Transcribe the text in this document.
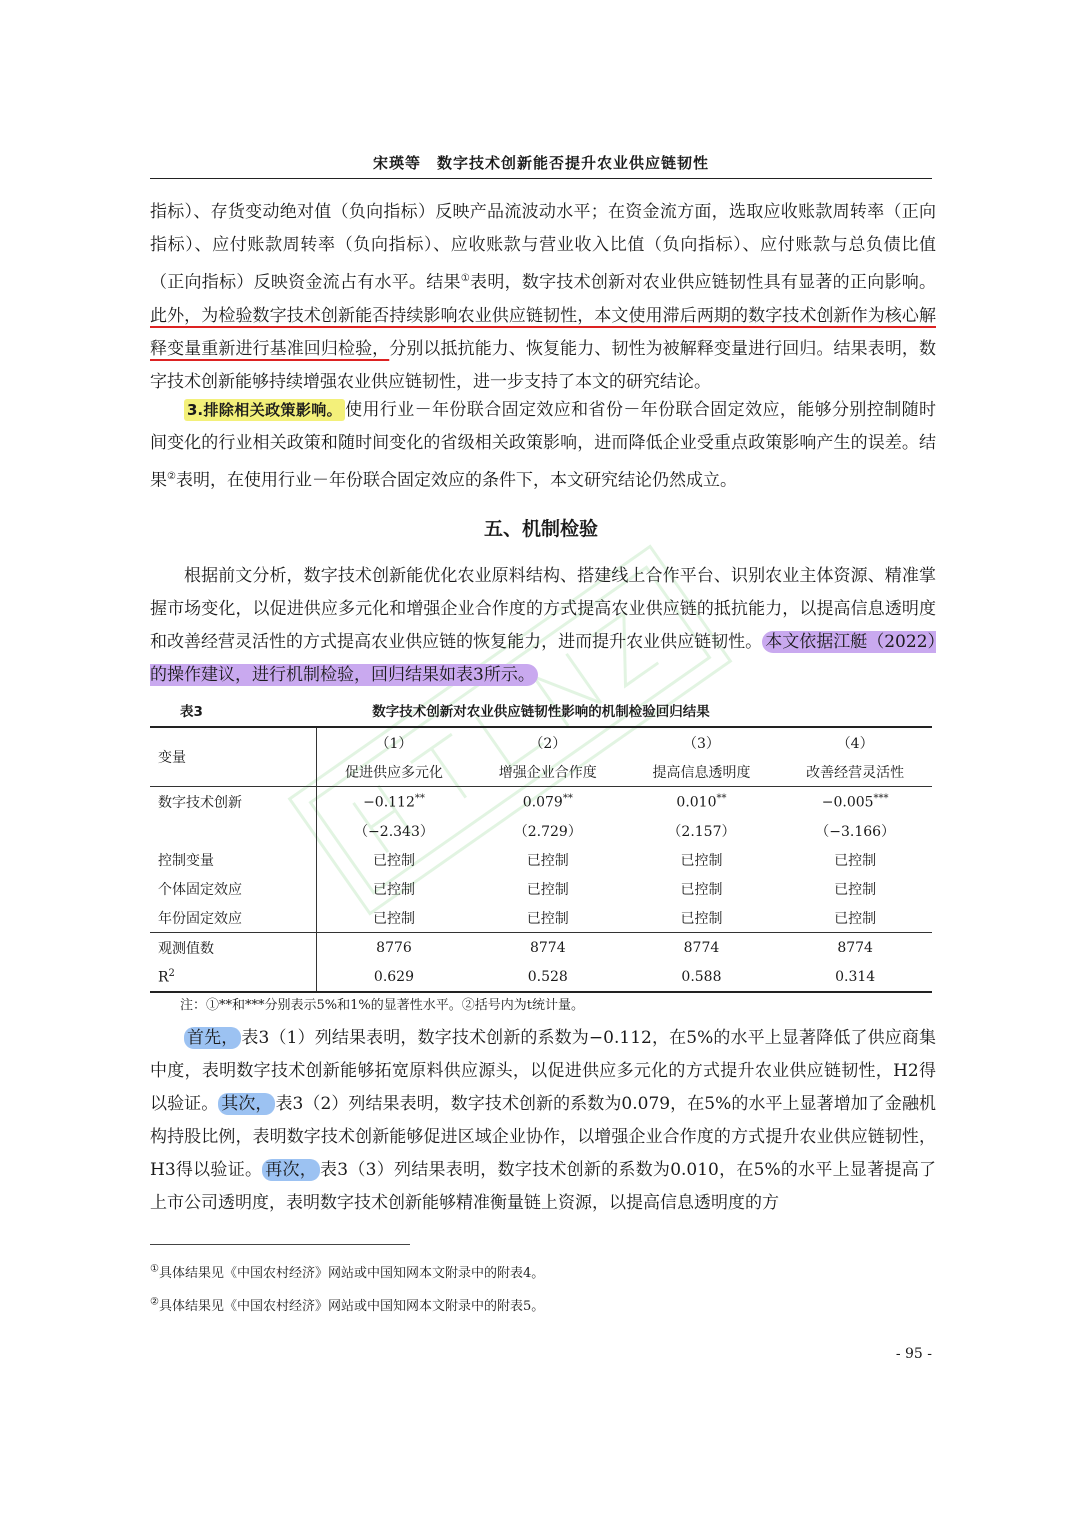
宋瑛等　数字技术创新能否提升农业供应链韧性

指标）、存货变动绝对值（负向指标）反映产品流波动水平；在资金流方面，选取应收账款周转率（正向指标）、应付账款周转率（负向指标）、应收账款与营业收入比值（负向指标）、应付账款与总负债比值（正向指标）反映资金流占有水平。结果①表明，数字技术创新对农业供应链韧性具有显著的正向影响。此外，为检验数字技术创新能否持续影响农业供应链韧性，本文使用滞后两期的数字技术创新作为核心解释变量重新进行基准回归检验，分别以抵抗能力、恢复能力、韧性为被解释变量进行回归。结果表明，数字技术创新能够持续增强农业供应链韧性，进一步支持了本文的研究结论。

3.排除相关政策影响。 使用行业－年份联合固定效应和省份－年份联合固定效应，能够分别控制随时间变化的行业相关政策和随时间变化的省级相关政策影响，进而降低企业受重点政策影响产生的误差。结果②表明，在使用行业－年份联合固定效应的条件下，本文研究结论仍然成立。

五、机制检验

根据前文分析，数字技术创新能优化农业原料结构、搭建线上合作平台、识别农业主体资源、精准掌握市场变化，以促进供应多元化和增强企业合作度的方式提高农业供应链的抵抗能力，以提高信息透明度和改善经营灵活性的方式提高农业供应链的恢复能力，进而提升农业供应链韧性。 本文依据江艇（2022）的操作建议，进行机制检验，回归结果如表3所示。

表3	数字技术创新对农业供应链韧性影响的机制检验回归结果
变量	（1）	（2）	（3）	（4）
	促进供应多元化	增强企业合作度	提高信息透明度	改善经营灵活性
数字技术创新	−0.112**	0.079**	0.010**	−0.005***
	（−2.343）	（2.729）	（2.157）	（−3.166）
控制变量	已控制	已控制	已控制	已控制
个体固定效应	已控制	已控制	已控制	已控制
年份固定效应	已控制	已控制	已控制	已控制
观测值数	8776	8774	8774	8774
$R^2$	0.629	0.528	0.588	0.314
注：①**和***分别表示5%和1%的显著性水平。②括号内为t统计量。

首先， 表3（1）列结果表明，数字技术创新的系数为−0.112，在5%的水平上显著降低了供应商集中度，表明数字技术创新能够拓宽原料供应源头，以促进供应多元化的方式提升农业供应链韧性，H2得以验证。 其次， 表3（2）列结果表明，数字技术创新的系数为0.079，在5%的水平上显著增加了金融机构持股比例，表明数字技术创新能够促进区域企业协作，以增强企业合作度的方式提升农业供应链韧性，H3得以验证。 再次， 表3（3）列结果表明，数字技术创新的系数为0.010，在5%的水平上显著提高了上市公司透明度，表明数字技术创新能够精准衡量链上资源，以提高信息透明度的方

①具体结果见《中国农村经济》网站或中国知网本文附录中的附表4。
②具体结果见《中国农村经济》网站或中国知网本文附录中的附表5。
- 95 -
